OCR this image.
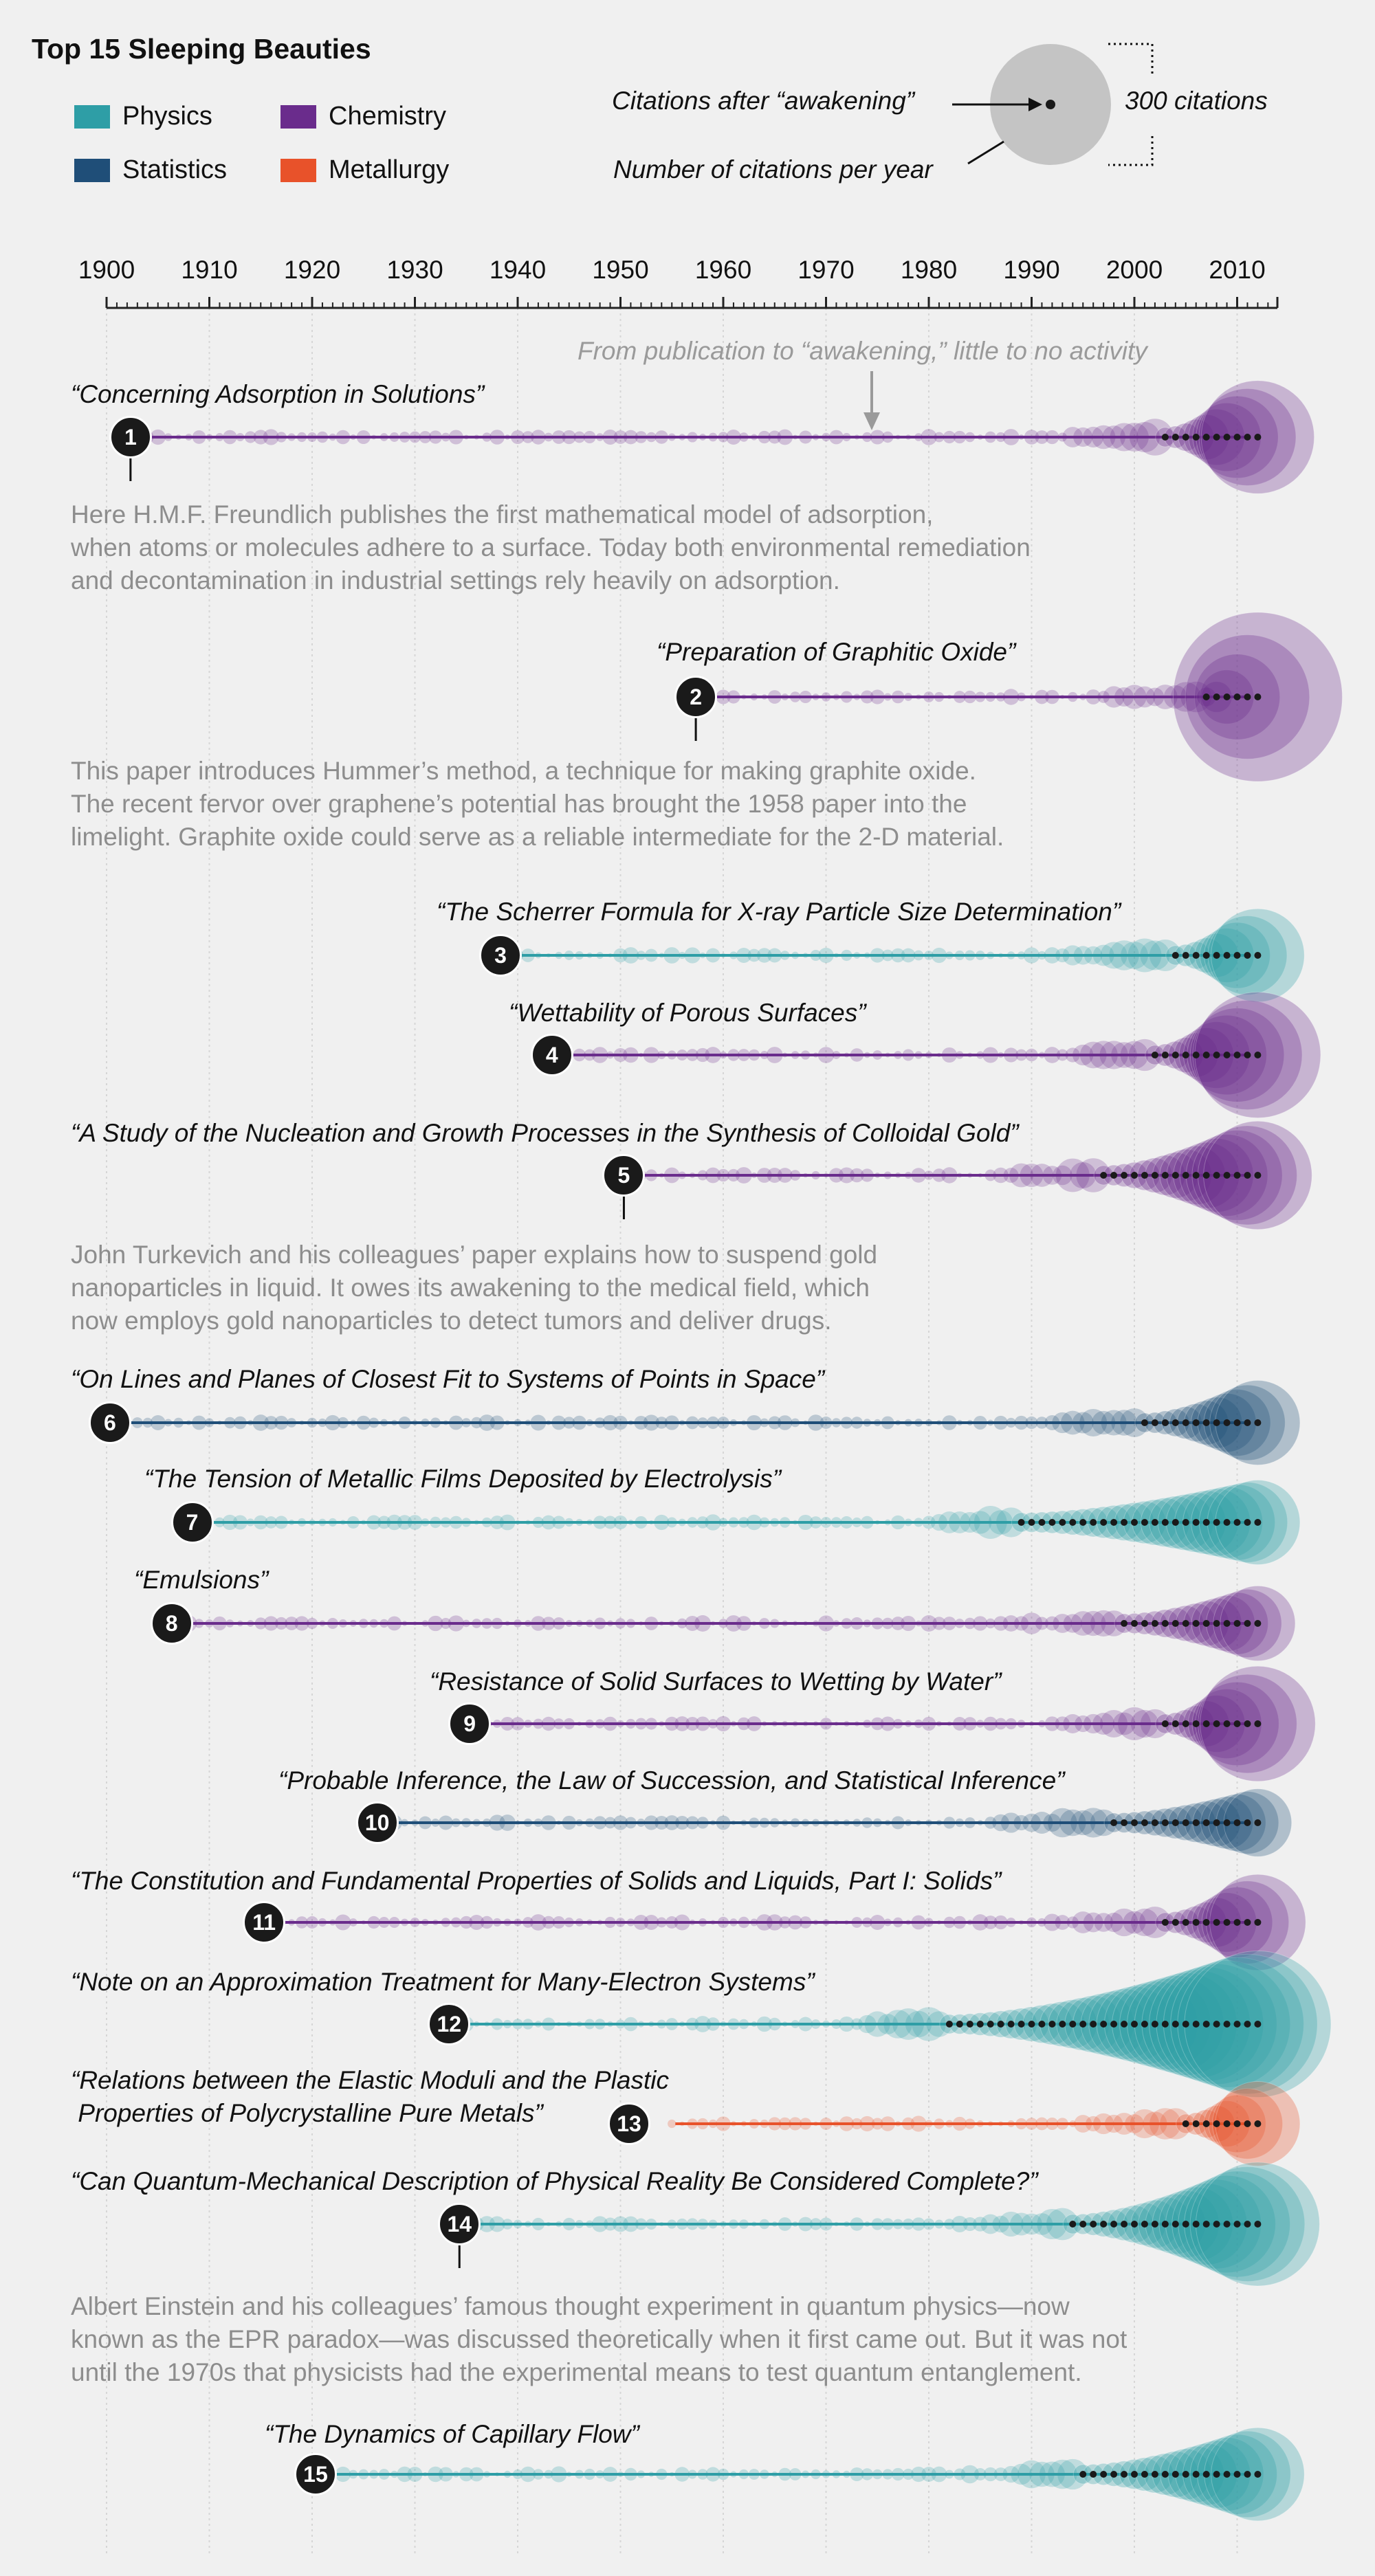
Top 15 Sleeping Beauties
Physics	Chemistry
Statistics	Metallurgy
Citations after “awakening”
Number of citations per year
300 citations
From publication to “awakening,” little to no activity
1
“Concerning Adsorption in Solutions”
Here H.M.F. Freundlich publishes the first mathematical model of adsorption,
when atoms or molecules adhere to a surface. Today both environmental remediation
and decontamination in industrial settings rely heavily on adsorption.
2
“Preparation of Graphitic Oxide”
This paper introduces Hummer’s method, a technique for making graphite oxide.
The recent fervor over graphene’s potential has brought the 1958 paper into the
limelight. Graphite oxide could serve as a reliable intermediate for the 2-D material.
3
“The Scherrer Formula for X-ray Particle Size Determination”
4
“Wettability of Porous Surfaces”
5
“A Study of the Nucleation and Growth Processes in the Synthesis of Colloidal Gold”
John Turkevich and his colleagues’ paper explains how to suspend gold
nanoparticles in liquid. It owes its awakening to the medical field, which
now employs gold nanoparticles to detect tumors and deliver drugs.
6
“On Lines and Planes of Closest Fit to Systems of Points in Space”
7
“The Tension of Metallic Films Deposited by Electrolysis”
8
“Emulsions”
9
“Resistance of Solid Surfaces to Wetting by Water”
10
“Probable Inference, the Law of Succession, and Statistical Inference”
11
“The Constitution and Fundamental Properties of Solids and Liquids, Part I: Solids”
12
“Note on an Approximation Treatment for Many-Electron Systems”
13
“Relations between the Elastic Moduli and the Plastic
Properties of Polycrystalline Pure Metals”
14
“Can Quantum-Mechanical Description of Physical Reality Be Considered Complete?”
Albert Einstein and his colleagues’ famous thought experiment in quantum physics—now
known as the EPR paradox—was discussed theoretically when it first came out. But it was not
until the 1970s that physicists had the experimental means to test quantum entanglement.
15
“The Dynamics of Capillary Flow”
1900 1910 1920 1930 1940 1950 1960 1970 1980 1990 2000 2010
